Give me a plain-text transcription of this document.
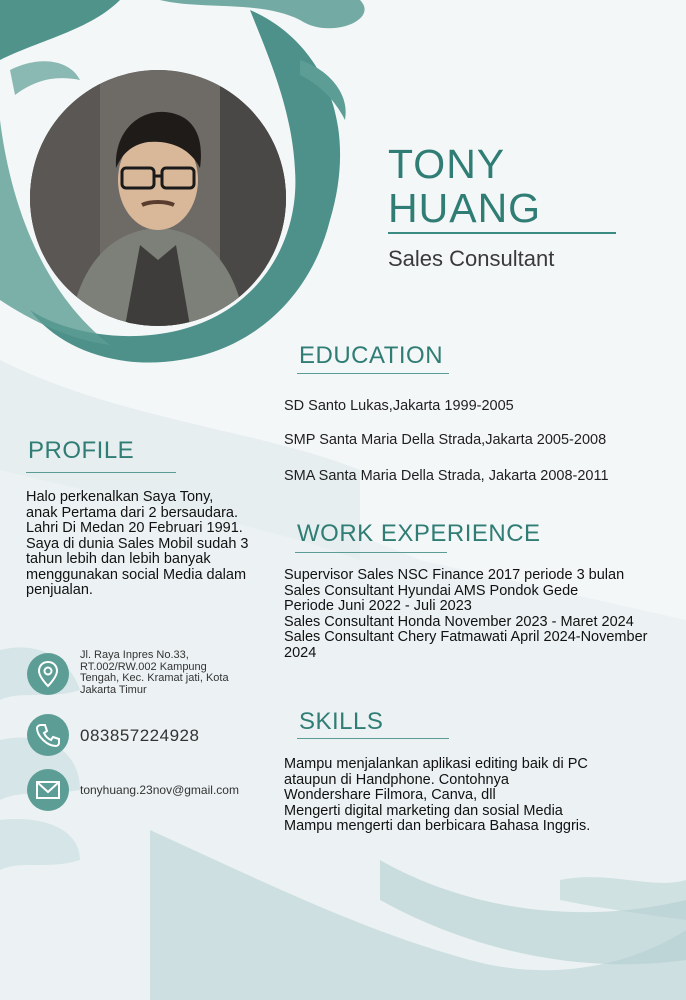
TONY
HUANG
Sales Consultant
EDUCATION
SD Santo Lukas,Jakarta 1999-2005
SMP Santa Maria Della Strada,Jakarta 2005-2008
SMA Santa Maria Della Strada, Jakarta 2008-2011
PROFILE
Halo perkenalkan Saya Tony,
anak Pertama dari 2 bersaudara.
Lahri Di Medan 20 Februari 1991.
Saya di dunia Sales Mobil sudah 3
tahun lebih dan lebih banyak
menggunakan social Media dalam
penjualan.
WORK EXPERIENCE
Supervisor Sales NSC Finance 2017 periode 3 bulan
Sales Consultant Hyundai AMS Pondok Gede
Periode Juni 2022 - Juli 2023
Sales Consultant Honda November 2023 - Maret 2024
Sales Consultant Chery Fatmawati April 2024-November
2024
Jl. Raya Inpres No.33,
RT.002/RW.002 Kampung
Tengah, Kec. Kramat jati, Kota
Jakarta Timur
083857224928
tonyhuang.23nov@gmail.com
SKILLS
Mampu menjalankan aplikasi editing baik di PC
ataupun di Handphone. Contohnya
Wondershare Filmora, Canva, dll
Mengerti digital marketing dan sosial Media
Mampu mengerti dan berbicara Bahasa Inggris.
